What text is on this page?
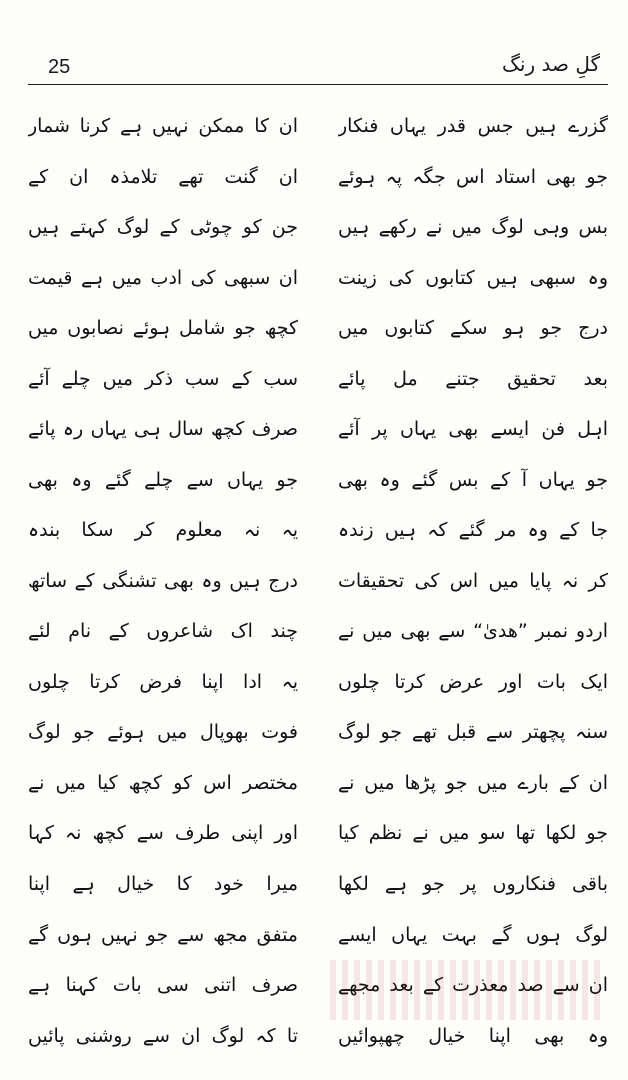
25	گلِ صد رنگ
گزرے ہیں جس قدر یہاں فنکار
جو بھی استاد اس جگہ پہ ہوئے
بس وہی لوگ میں نے رکھے ہیں
وہ سبھی ہیں کتابوں کی زینت
درج جو ہو سکے کتابوں میں
بعد تحقیق جتنے مل پائے
اہل فن ایسے بھی یہاں پر آئے
جو یہاں آ کے بس گئے وہ بھی
جا کے وہ مر گئے کہ ہیں زندہ
کر نہ پایا میں اس کی تحقیقات
اردو نمبر ”ھدیٰ“ سے بھی میں نے
ایک بات اور عرض کرتا چلوں
سنہ پچھتر سے قبل تھے جو لوگ
ان کے بارے میں جو پڑھا میں نے
جو لکھا تھا سو میں نے نظم کیا
باقی فنکاروں پر جو ہے لکھا
لوگ ہوں گے بہت یہاں ایسے
ان سے صد معذرت کے بعد مجھے
وہ بھی اپنا خیال چھپوائیں
ان کا ممکن نہیں ہے کرنا شمار
ان گنت تھے تلامذہ ان کے
جن کو چوٹی کے لوگ کہتے ہیں
ان سبھی کی ادب میں ہے قیمت
کچھ جو شامل ہوئے نصابوں میں
سب کے سب ذکر میں چلے آئے
صرف کچھ سال ہی یہاں رہ پائے
جو یہاں سے چلے گئے وہ بھی
یہ نہ معلوم کر سکا بندہ
درج ہیں وہ بھی تشنگی کے ساتھ
چند اک شاعروں کے نام لئے
یہ ادا اپنا فرض کرتا چلوں
فوت بھوپال میں ہوئے جو لوگ
مختصر اس کو کچھ کیا میں نے
اور اپنی طرف سے کچھ نہ کہا
میرا خود کا خیال ہے اپنا
متفق مجھ سے جو نہیں ہوں گے
صرف اتنی سی بات کہنا ہے
تا کہ لوگ ان سے روشنی پائیں
